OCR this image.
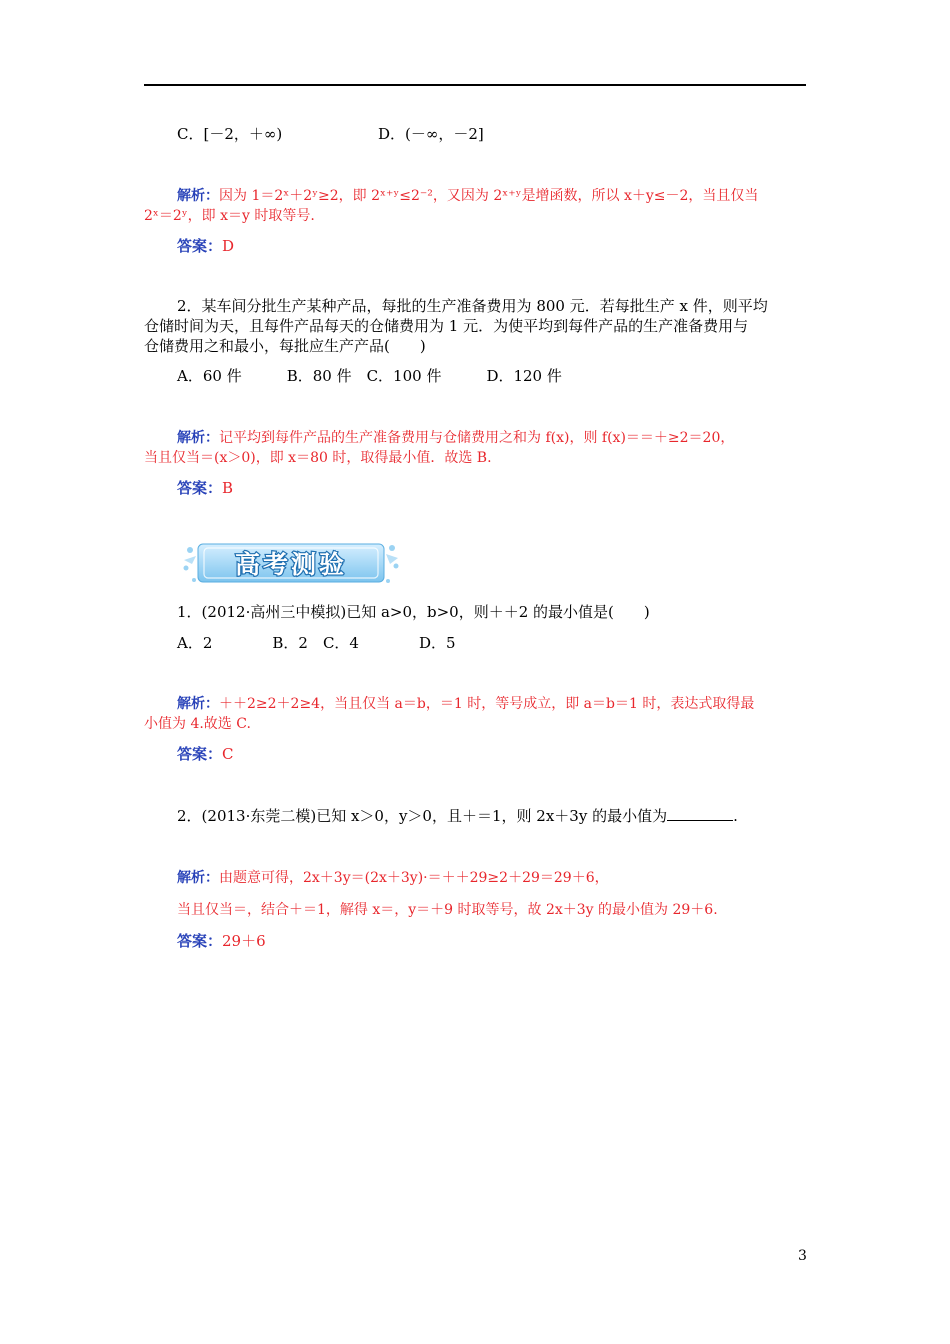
C．[－2，＋∞)	D．(－∞，－2]
解析：因为 1＝2ˣ＋2ʸ≥2，即 2ˣ⁺ʸ≤2⁻²，又因为 2ˣ⁺ʸ是增函数，所以 x＋y≤－2，当且仅当
2ˣ＝2ʸ，即 x＝y 时取等号.
答案：D
2．某车间分批生产某种产品，每批的生产准备费用为 800 元．若每批生产 x 件，则平均
仓储时间为天，且每件产品每天的仓储费用为 1 元．为使平均到每件产品的生产准备费用与
仓储费用之和最小，每批应生产产品(　　)
A．60 件　　　B．80 件　C．100 件　　　D．120 件
解析：记平均到每件产品的生产准备费用与仓储费用之和为 f(x)，则 f(x)＝＝＋≥2＝20，
当且仅当＝(x＞0)，即 x＝80 时，取得最小值．故选 B.
答案：B
高考测验
1．(2012·高州三中模拟)已知 a>0，b>0，则＋＋2 的最小值是(　　)
A．2　　　　B．2　C．4　　　　D．5
解析：＋＋2≥2＋2≥4，当且仅当 a＝b，＝1 时，等号成立，即 a＝b＝1 时，表达式取得最
小值为 4.故选 C.
答案：C
2．(2013·东莞二模)已知 x＞0，y＞0，且＋＝1，则 2x＋3y 的最小值为	.
解析：由题意可得，2x＋3y＝(2x＋3y)·＝＋＋29≥2＋29＝29＋6，
当且仅当＝，结合＋＝1，解得 x＝，y＝＋9 时取等号，故 2x＋3y 的最小值为 29＋6.
答案：29＋6
3
